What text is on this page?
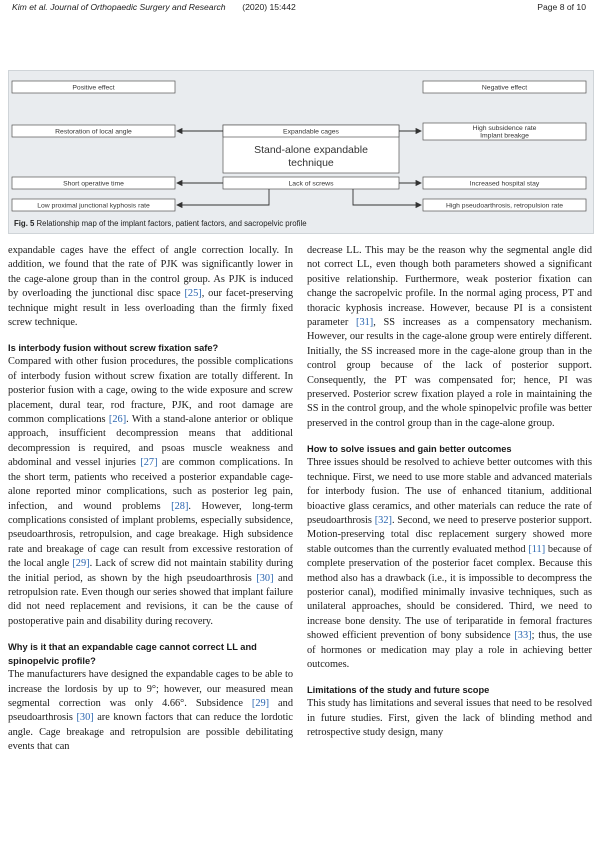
Kim et al. Journal of Orthopaedic Surgery and Research (2020) 15:442	Page 8 of 10
Positive effect	Negative effect
Expandable cages
Lack of screws
Stand-alone expandable
technique
Restoration of local angle
Short operative time
Low proximal junctional kyphosis rate
High subsidence rate
Implant breakge
Increased hospital stay
High pseudoarthrosis, retropulsion rate
Fig. 5 Relationship map of the implant factors, patient factors, and sacropelvic profile

expandable cages have the effect of angle correction locally. In addition, we found that the rate of PJK was significantly lower in the cage-alone group than in the control group. As PJK is induced by overloading the junctional disc space [25], our facet-preserving technique might result in less overloading than the firmly fixed screw technique.

Is interbody fusion without screw fixation safe?

Compared with other fusion procedures, the possible complications of interbody fusion without screw fixation are totally different. In posterior fusion with a cage, owing to the wide exposure and screw placement, dural tear, rod fracture, PJK, and root damage are common complications [26]. With a stand-alone anterior or oblique approach, insufficient decompression means that additional decompression is required, and psoas muscle weakness and abdominal and vessel injuries [27] are common complications. In the short term, patients who received a posterior expandable cage-alone reported minor complications, such as posterior leg pain, infection, and wound problems [28]. However, long-term complications consisted of implant problems, especially subsidence, pseudoarthrosis, retropulsion, and cage breakage. High subsidence rate and breakage of cage can result from excessive restoration of the local angle [29]. Lack of screw did not maintain stability during the initial period, as shown by the high pseudoarthrosis [30] and retropulsion rate. Even though our series showed that implant failure did not need replacement and revisions, it can be the cause of postoperative pain and disability during recovery.

Why is it that an expandable cage cannot correct LL and spinopelvic profile?

The manufacturers have designed the expandable cages to be able to increase the lordosis by up to 9°; however, our measured mean segmental correction was only 4.66°. Subsidence [29] and pseudoarthrosis [30] are known factors that can reduce the lordotic angle. Cage breakage and retropulsion are possible debilitating events that can

decrease LL. This may be the reason why the segmental angle did not correct LL, even though both parameters showed a significant positive relationship. Furthermore, weak posterior fixation can change the sacropelvic profile. In the normal aging process, PT and thoracic kyphosis increase. However, because PI is a consistent parameter [31], SS increases as a compensatory mechanism. However, our results in the cage-alone group were entirely different. Initially, the SS increased more in the cage-alone group than in the control group because of the lack of posterior support. Consequently, the PT was compensated for; hence, PI was preserved. Posterior screw fixation played a role in maintaining the SS in the control group, and the whole spinopelvic profile was better preserved in the control group than in the cage-alone group.

How to solve issues and gain better outcomes

Three issues should be resolved to achieve better outcomes with this technique. First, we need to use more stable and advanced materials for interbody fusion. The use of enhanced titanium, additional bioactive glass ceramics, and other materials can reduce the rate of pseudoarthrosis [32]. Second, we need to preserve posterior support. Motion-preserving total disc replacement surgery showed more stable outcomes than the currently evaluated method [11] because of complete preservation of the posterior facet complex. Because this method also has a drawback (i.e., it is impossible to decompress the posterior canal), modified minimally invasive techniques, such as unilateral approaches, should be considered. Third, we need to increase bone density. The use of teriparatide in femoral fractures showed efficient prevention of bony subsidence [33]; thus, the use of hormones or medication may play a role in achieving better outcomes.

Limitations of the study and future scope

This study has limitations and several issues that need to be resolved in future studies. First, given the lack of blinding method and retrospective study design, many
